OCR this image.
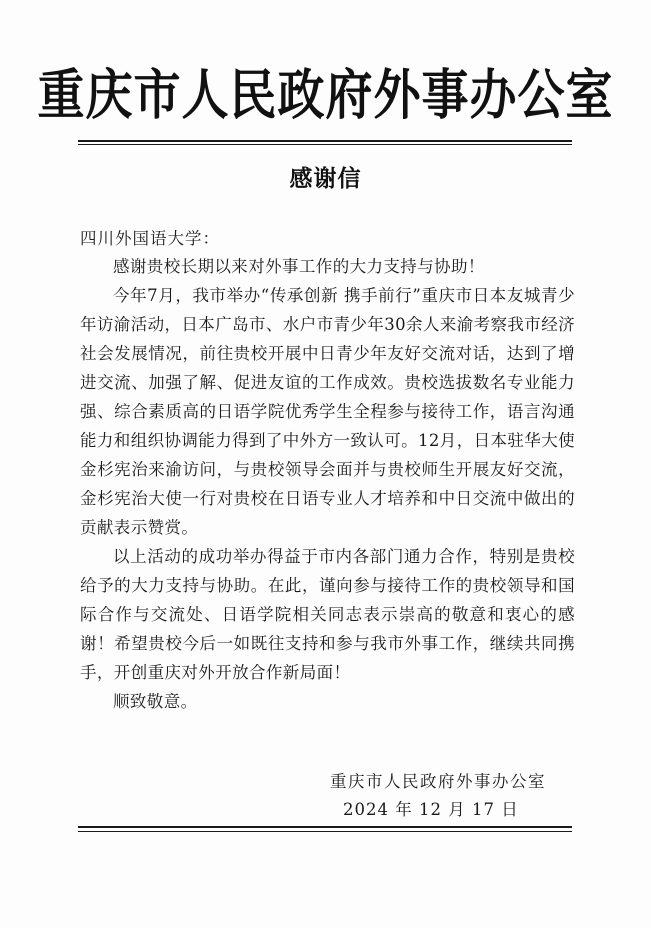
重庆市人民政府外事办公室
感谢信
四川外国语大学：

感谢贵校长期以来对外事工作的大力支持与协助！

今年7月，我市举办“传承创新 携手前行”重庆市日本友城青少年访渝活动，日本广岛市、水户市青少年30余人来渝考察我市经济社会发展情况，前往贵校开展中日青少年友好交流对话，达到了增进交流、加强了解、促进友谊的工作成效。贵校选拔数名专业能力强、综合素质高的日语学院优秀学生全程参与接待工作，语言沟通能力和组织协调能力得到了中外方一致认可。12月，日本驻华大使金杉宪治来渝访问，与贵校领导会面并与贵校师生开展友好交流，金杉宪治大使一行对贵校在日语专业人才培养和中日交流中做出的贡献表示赞赏。

以上活动的成功举办得益于市内各部门通力合作，特别是贵校给予的大力支持与协助。在此，谨向参与接待工作的贵校领导和国际合作与交流处、日语学院相关同志表示崇高的敬意和衷心的感谢！希望贵校今后一如既往支持和参与我市外事工作，继续共同携手，开创重庆对外开放合作新局面！

顺致敬意。

重庆市人民政府外事办公室
2024 年 12 月 17 日
